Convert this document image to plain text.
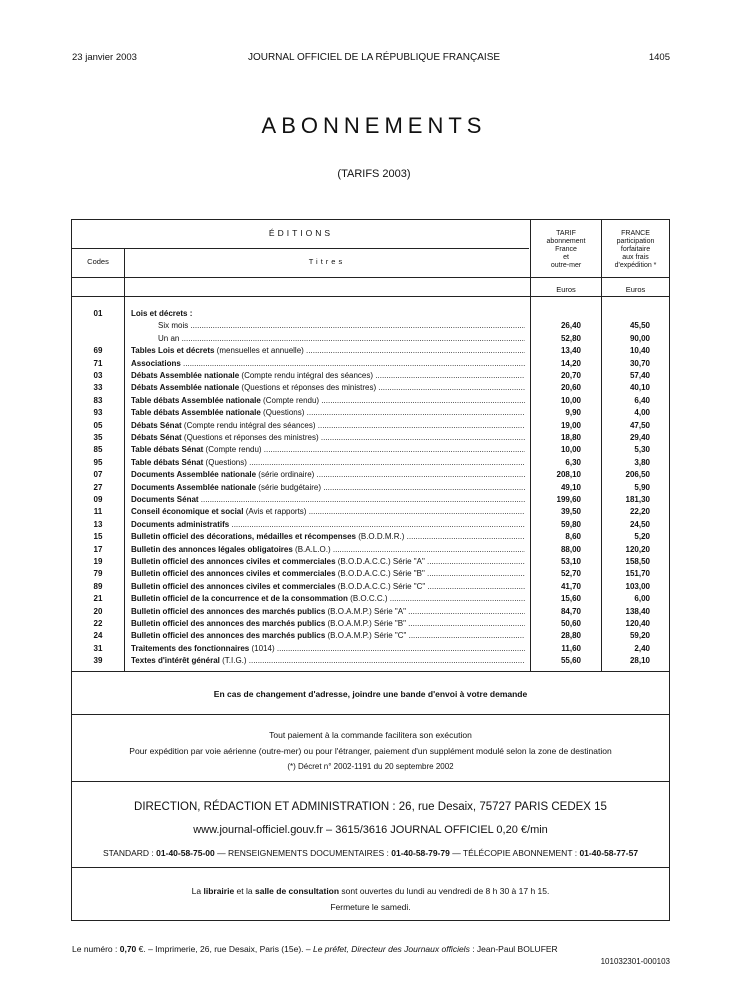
23 janvier 2003	JOURNAL OFFICIEL DE LA RÉPUBLIQUE FRANÇAISE	1405
ABONNEMENTS
(TARIFS 2003)
ÉDITIONS
Codes	Titres
TARIF
abonnement
France
et
outre-mer
FRANCE
participation
forfaitaire
aux frais
d'expédition *
Euros	Euros
01	Lois et décrets :
Six mois .....	26,40	45,50
Un an .....	52,80	90,00
69	Tables Lois et décrets (mensuelles et annuelle) .....	13,40	10,40
71	Associations .....	14,20	30,70
03	Débats Assemblée nationale (Compte rendu intégral des séances) .....	20,70	57,40
33	Débats Assemblée nationale (Questions et réponses des ministres) .....	20,60	40,10
83	Table débats Assemblée nationale (Compte rendu) .....	10,00	6,40
93	Table débats Assemblée nationale (Questions) .....	9,90	4,00
05	Débats Sénat (Compte rendu intégral des séances) .....	19,00	47,50
35	Débats Sénat (Questions et réponses des ministres) .....	18,80	29,40
85	Table débats Sénat (Compte rendu) .....	10,00	5,30
95	Table débats Sénat (Questions) .....	6,30	3,80
07	Documents Assemblée nationale (série ordinaire) .....	208,10	206,50
27	Documents Assemblée nationale (série budgétaire) .....	49,10	5,90
09	Documents Sénat .....	199,60	181,30
11	Conseil économique et social (Avis et rapports) .....	39,50	22,20
13	Documents administratifs .....	59,80	24,50
15	Bulletin officiel des décorations, médailles et récompenses (B.O.D.M.R.) .....	8,60	5,20
17	Bulletin des annonces légales obligatoires (B.A.L.O.) .....	88,00	120,20
19	Bulletin officiel des annonces civiles et commerciales (B.O.D.A.C.C.) Série "A" .....	53,10	158,50
79	Bulletin officiel des annonces civiles et commerciales (B.O.D.A.C.C.) Série "B" .....	52,70	151,70
89	Bulletin officiel des annonces civiles et commerciales (B.O.D.A.C.C.) Série "C" .....	41,70	103,00
21	Bulletin officiel de la concurrence et de la consommation (B.O.C.C.) .....	15,60	6,00
20	Bulletin officiel des annonces des marchés publics (B.O.A.M.P.) Série "A" .....	84,70	138,40
22	Bulletin officiel des annonces des marchés publics (B.O.A.M.P.) Série "B" .....	50,60	120,40
24	Bulletin officiel des annonces des marchés publics (B.O.A.M.P.) Série "C" .....	28,80	59,20
31	Traitements des fonctionnaires (1014) .....	11,60	2,40
39	Textes d'intérêt général (T.I.G.) .....	55,60	28,10
En cas de changement d'adresse, joindre une bande d'envoi à votre demande
Tout paiement à la commande facilitera son exécution
Pour expédition par voie aérienne (outre-mer) ou pour l'étranger, paiement d'un supplément modulé selon la zone de destination
(*) Décret n° 2002-1191 du 20 septembre 2002
DIRECTION, RÉDACTION ET ADMINISTRATION : 26, rue Desaix, 75727 PARIS CEDEX 15
www.journal-officiel.gouv.fr – 3615/3616 JOURNAL OFFICIEL 0,20 €/min
STANDARD : 01-40-58-75-00 — RENSEIGNEMENTS DOCUMENTAIRES : 01-40-58-79-79 — TÉLÉCOPIE ABONNEMENT : 01-40-58-77-57
La librairie et la salle de consultation sont ouvertes du lundi au vendredi de 8 h 30 à 17 h 15.
Fermeture le samedi.
Le numéro : 0,70 €. – Imprimerie, 26, rue Desaix, Paris (15e). – Le préfet, Directeur des Journaux officiels : Jean-Paul BOLUFER
101032301-000103
